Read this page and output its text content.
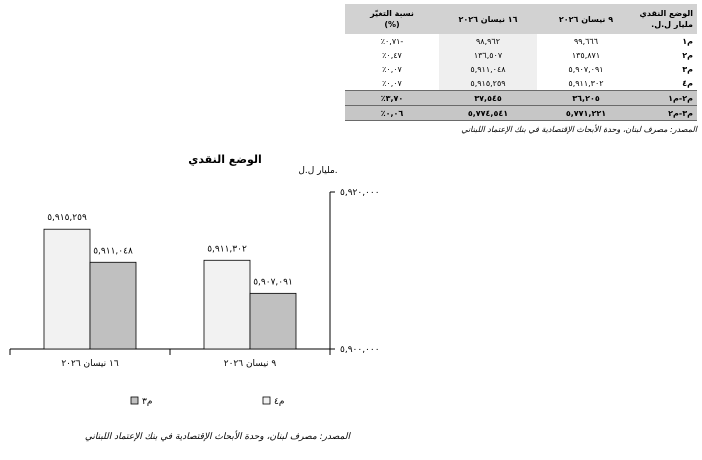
الوضع النقدي
مليار ل.ل.	٩ نيسان ٢٠٢٦	١٦ نيسان ٢٠٢٦	نسبة التغيّر
(%)
م١	٩٩,٦٦٦	٩٨,٩٦٢	-٠,٧١٪
م٢	١٣٥,٨٧١	١٣٦,٥٠٧	٠,٤٧٪
م٣	٥,٩٠٧,٠٩١	٥,٩١١,٠٤٨	٠,٠٧٪
م٤	٥,٩١١,٣٠٢	٥,٩١٥,٢٥٩	٠,٠٧٪
م٢-م١	٣٦,٢٠٥	٣٧,٥٤٥	٣,٧٠٪
م٣-م٢	٥,٧٧١,٢٢١	٥,٧٧٤,٥٤١	٠,٠٦٪
المصدر: مصرف لبنان، وحدة الأبحاث الإقتصادية في بنك الإعتماد اللبناني
الوضع النقدي
مليار ل.ل.
٥,٩٠٠,٠٠٠
٥,٩٢٠,٠٠٠
١٦ نيسان ٢٠٢٦
٥,٩١٥,٢٥٩
٥,٩١١,٠٤٨
٩ نيسان ٢٠٢٦
٥,٩١١,٣٠٢
٥,٩٠٧,٠٩١
م٤
م٣
المصدر: مصرف لبنان، وحدة الأبحاث الإقتصادية في بنك الإعتماد اللبناني
